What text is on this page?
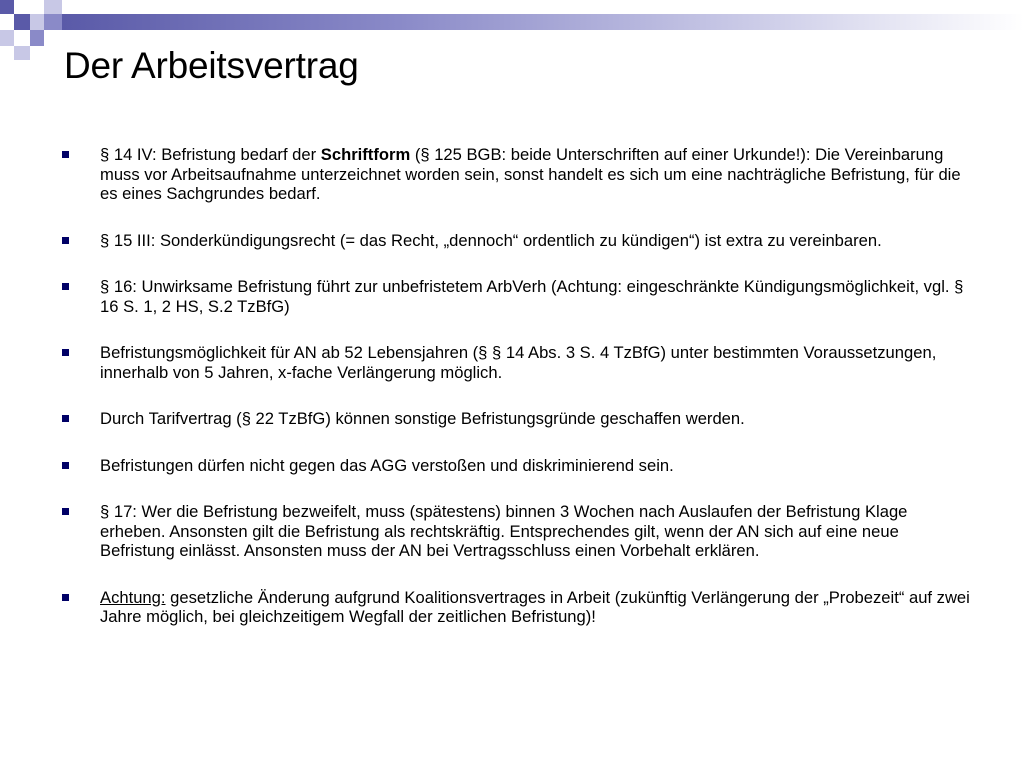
Der Arbeitsvertrag
§ 14 IV: Befristung bedarf der Schriftform (§ 125 BGB: beide Unterschriften auf einer Urkunde!): Die Vereinbarung muss vor Arbeitsaufnahme unterzeichnet worden sein, sonst handelt es sich um eine nachträgliche Befristung, für die es eines Sachgrundes bedarf.
§ 15 III: Sonderkündigungsrecht (= das Recht, „dennoch“ ordentlich zu kündigen“) ist extra zu vereinbaren.
§ 16: Unwirksame Befristung führt zur unbefristetem ArbVerh (Achtung: eingeschränkte Kündigungsmöglichkeit, vgl. § 16 S. 1, 2 HS, S.2 TzBfG)
Befristungsmöglichkeit für AN ab 52 Lebensjahren (§ § 14 Abs. 3 S. 4 TzBfG) unter bestimmten Voraussetzungen, innerhalb von 5 Jahren, x-fache Verlängerung möglich.
Durch Tarifvertrag (§ 22 TzBfG) können sonstige Befristungsgründe geschaffen werden.
Befristungen dürfen nicht gegen das AGG verstoßen und diskriminierend sein.
§ 17: Wer die Befristung bezweifelt, muss (spätestens) binnen 3 Wochen nach Auslaufen der Befristung Klage erheben. Ansonsten gilt die Befristung als rechtskräftig. Entsprechendes gilt, wenn der AN sich auf eine neue Befristung einlässt. Ansonsten muss der AN bei Vertragsschluss einen Vorbehalt erklären.
Achtung: gesetzliche Änderung aufgrund Koalitionsvertrages in Arbeit (zukünftig Verlängerung der „Probezeit“ auf zwei Jahre möglich, bei gleichzeitigem Wegfall der zeitlichen Befristung)!
